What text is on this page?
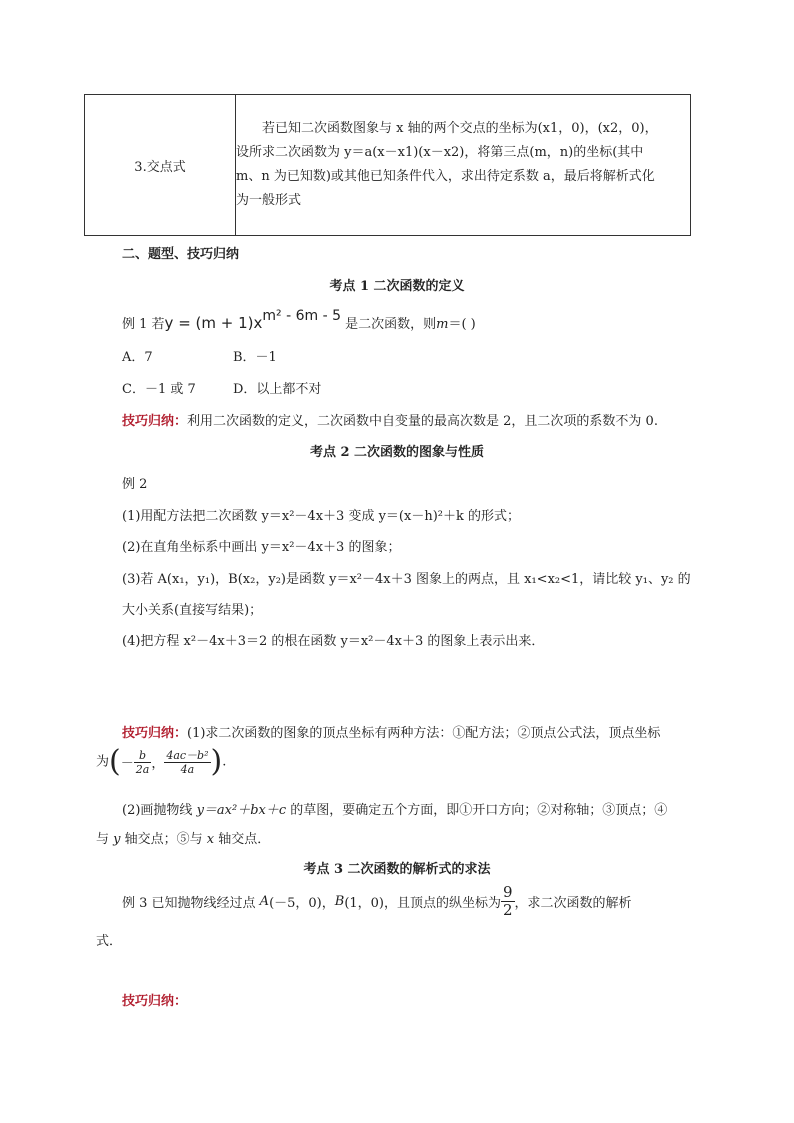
3.交点式	

若已知二次函数图象与 x 轴的两个交点的坐标为(x1，0)，(x2，0)，

设所求二次函数为 y＝a(x－x1)(x－x2)，将第三点(m，n)的坐标(其中

m、n 为已知数)或其他已知条件代入，求出待定系数 a，最后将解析式化

为一般形式

二、题型、技巧归纳
考点 1 二次函数的定义
例 1 若$y = (m + 1)x^{m^2 - 6m - 5}$ 是二次函数，则m＝( )
A．7	B．－1
C．－1 或 7	D．以上都不对
技巧归纳：利用二次函数的定义，二次函数中自变量的最高次数是 2，且二次项的系数不为 0.
考点 2 二次函数的图象与性质
例 2
(1)用配方法把二次函数 y＝x²－4x＋3 变成 y＝(x－h)²＋k 的形式；
(2)在直角坐标系中画出 y＝x²－4x＋3 的图象；
(3)若 A(x₁，y₁)，B(x₂，y₂)是函数 y＝x²－4x＋3 图象上的两点，且 x₁<x₂<1，请比较 y₁、y₂ 的
大小关系(直接写结果)；
(4)把方程 x²－4x＋3＝2 的根在函数 y＝x²－4x＋3 的图象上表示出来．
技巧归纳：(1)求二次函数的图象的顶点坐标有两种方法：①配方法；②顶点公式法，顶点坐标
为(－ $\frac{b}{2a}$ ， $\frac{\text{4ac－b²}}{4a}$ ).
(2)画抛物线 y＝ax²＋bx＋c 的草图，要确定五个方面，即①开口方向；②对称轴；③顶点；④
与 y 轴交点；⑤与 x 轴交点．
考点 3 二次函数的解析式的求法
例 3 已知抛物线经过点 A(－5，0)，B(1，0)，且顶点的纵坐标为 $\frac{9}{2}$ ，求二次函数的解析
式．
技巧归纳：
